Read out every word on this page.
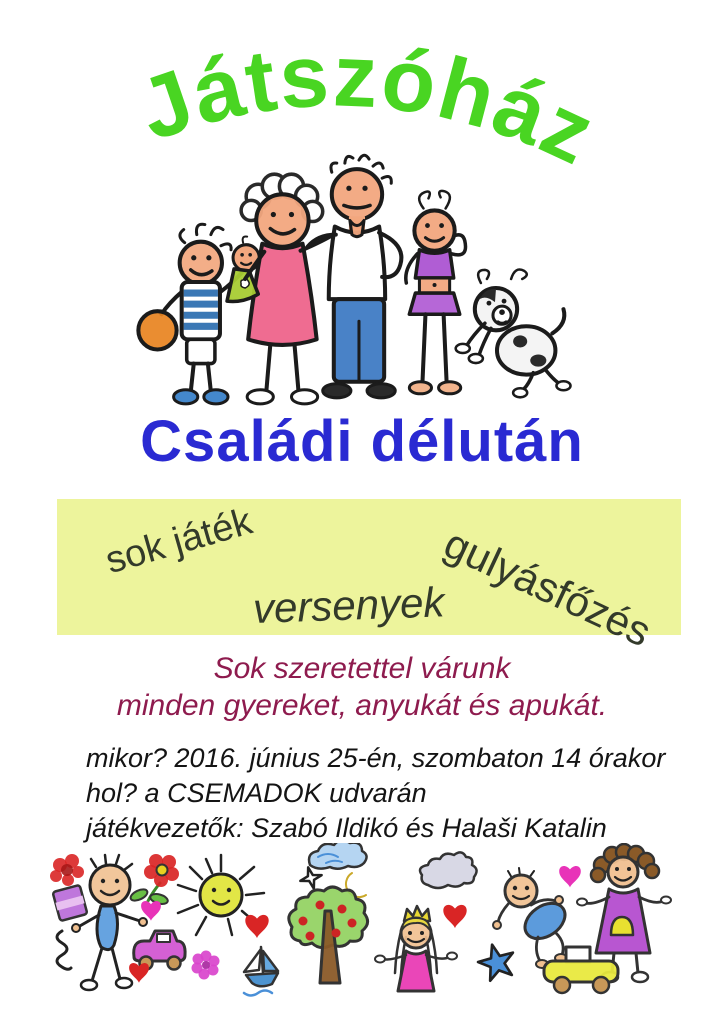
Játszóház
Családi délután
sok játék
versenyek
gulyásfőzés
Sok szeretettel várunk
minden gyereket, anyukát és apukát.
mikor? 2016. június 25-én, szombaton 14 órakor
hol? a CSEMADOK udvarán
játékvezetők: Szabó Ildikó és Halaši Katalin
